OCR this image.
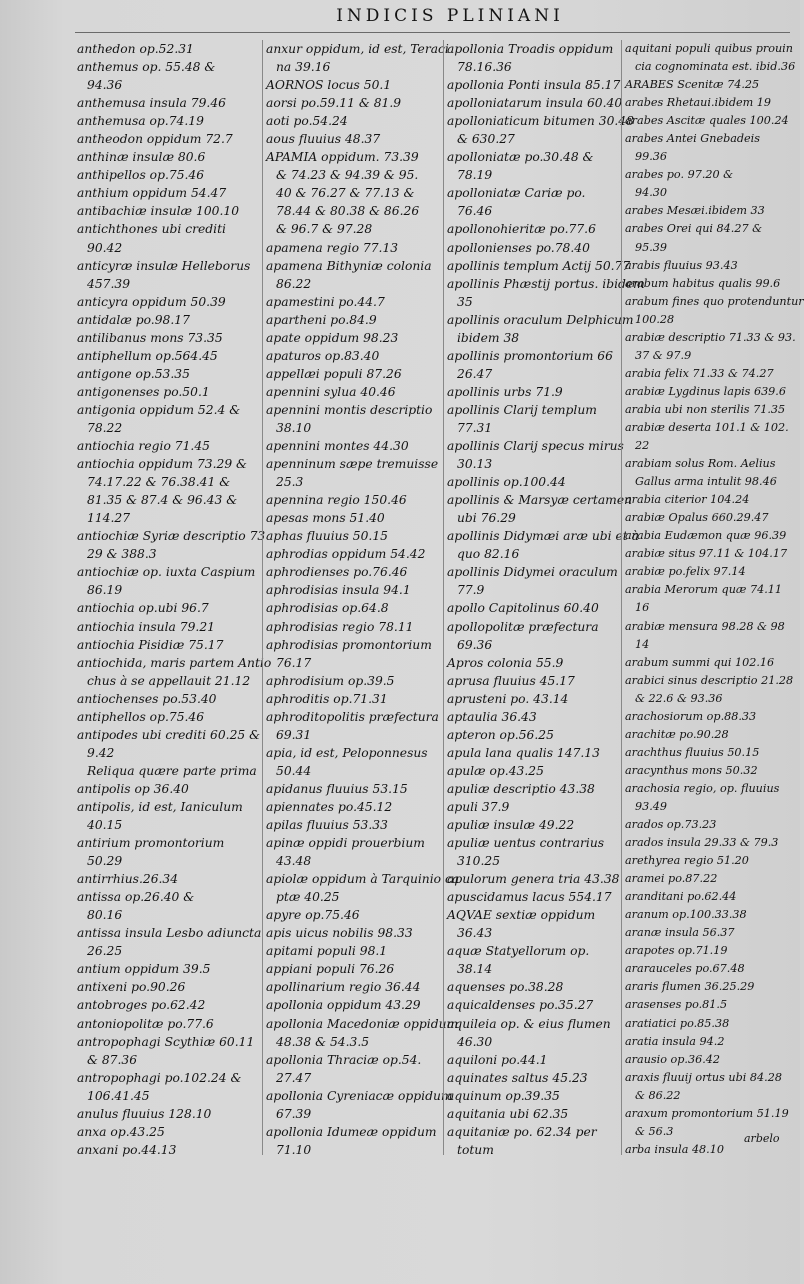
INDICIS PLINIANI
anthedon op.52.31
anthemus op. 55.48 &
94.36
anthemusa insula 79.46
anthemusa op.74.19
antheodon oppidum 72.7
anthinæ insulæ 80.6
anthipellos op.75.46
anthium oppidum 54.47
antibachiæ insulæ 100.10
antichthones ubi crediti
90.42
anticyræ insulæ Helleborus
457.39
anticyra oppidum 50.39
antidalæ po.98.17
antilibanus mons 73.35
antiphellum op.564.45
antigone op.53.35
antigonenses po.50.1
antigonia oppidum 52.4 &
78.22
antiochia regio 71.45
antiochia oppidum 73.29 &
74.17.22 & 76.38.41 &
81.35 & 87.4 & 96.43 &
114.27
antiochiæ Syriæ descriptio 73
29 & 388.3
antiochiæ op. iuxta Caspium
86.19
antiochia op.ubi 96.7
antiochia insula 79.21
antiochia Pisidiæ 75.17
antiochida, maris partem Antio
chus à se appellauit 21.12
antiochenses po.53.40
antiphellos op.75.46
antipodes ubi crediti 60.25 &
9.42
Reliqua quære parte prima
antipolis op 36.40
antipolis, id est, Ianiculum
40.15
antirium promontorium
50.29
antirrhius.26.34
antissa op.26.40 &
80.16
antissa insula Lesbo adiuncta
26.25
antium oppidum 39.5
antixeni po.90.26
antobroges po.62.42
antoniopolitæ po.77.6
antropophagi Scythiæ 60.11
& 87.36
antropophagi po.102.24 &
106.41.45
anulus fluuius 128.10
anxa op.43.25
anxani po.44.13
anxur oppidum, id est, Teraci
na 39.16
AORNOS locus 50.1
aorsi po.59.11 & 81.9
aoti po.54.24
aous fluuius 48.37
APAMIA oppidum. 73.39
& 74.23 & 94.39 & 95.
40 & 76.27 & 77.13 &
78.44 & 80.38 & 86.26
& 96.7 & 97.28
apamena regio 77.13
apamena Bithyniæ colonia
86.22
apamestini po.44.7
apartheni po.84.9
apate oppidum 98.23
apaturos op.83.40
appellæi populi 87.26
apennini sylua 40.46
apennini montis descriptio
38.10
apennini montes 44.30
apenninum sæpe tremuisse
25.3
apennina regio 150.46
apesas mons 51.40
aphas fluuius 50.15
aphrodias oppidum 54.42
aphrodienses po.76.46
aphrodisias insula 94.1
aphrodisias op.64.8
aphrodisias regio 78.11
aphrodisias promontorium
76.17
aphrodisium op.39.5
aphroditis op.71.31
aphroditopolitis præfectura
69.31
apia, id est, Peloponnesus
50.44
apidanus fluuius 53.15
apiennates po.45.12
apilas fluuius 53.33
apinæ oppidi prouerbium
43.48
apiolæ oppidum à Tarquinio ca
ptæ 40.25
apyre op.75.46
apis uicus nobilis 98.33
apitami populi 98.1
appiani populi 76.26
apollinarium regio 36.44
apollonia oppidum 43.29
apollonia Macedoniæ oppidum
48.38 & 54.3.5
apollonia Thraciæ op.54.
27.47
apollonia Cyreniacæ oppidum
67.39
apollonia Idumeæ oppidum
71.10
apollonia Troadis oppidum
78.16.36
apollonia Ponti insula 85.17
apolloniatarum insula 60.40
apolloniaticum bitumen 30.48
& 630.27
apolloniatæ po.30.48 &
78.19
apolloniatæ Cariæ po.
76.46
apollonohieritæ po.77.6
apollonienses po.78.40
apollinis templum Actij 50.77
apollinis Phæstij portus. ibidem
35
apollinis oraculum Delphicum
ibidem 38
apollinis promontorium 66
26.47
apollinis urbs 71.9
apollinis Clarij templum
77.31
apollinis Clarij specus mirus
30.13
apollinis op.100.44
apollinis & Marsyæ certamen
ubi 76.29
apollinis Didymæi aræ ubi et à
quo 82.16
apollinis Didymei oraculum
77.9
apollo Capitolinus 60.40
apollopolitæ præfectura
69.36
Apros colonia 55.9
aprusa fluuius 45.17
aprusteni po. 43.14
aptaulia 36.43
apteron op.56.25
apula lana qualis 147.13
apulæ op.43.25
apuliæ descriptio 43.38
apuli 37.9
apuliæ insulæ 49.22
apuliæ uentus contrarius
310.25
apulorum genera tria 43.38
apuscidamus lacus 554.17
AQVAE sextiæ oppidum
36.43
aquæ Statyellorum op.
38.14
aquenses po.38.28
aquicaldenses po.35.27
aquileia op. & eius flumen
46.30
aquiloni po.44.1
aquinates saltus 45.23
aquinum op.39.35
aquitania ubi 62.35
aquitaniæ po. 62.34 per
totum
aquitani populi quibus prouin
cia cognominata est. ibid.36
ARABES Scenitæ 74.25
arabes Rhetaui.ibidem 19
arabes Ascitæ quales 100.24
arabes Antei Gnebadeis
99.36
arabes po. 97.20 &
94.30
arabes Mesæi.ibidem 33
arabes Orei qui 84.27 &
95.39
arabis fluuius 93.43
arabum habitus qualis 99.6
arabum fines quo protenduntur
100.28
arabiæ descriptio 71.33 & 93.
37 & 97.9
arabia felix 71.33 & 74.27
arabiæ Lygdinus lapis 639.6
arabia ubi non sterilis 71.35
arabiæ deserta 101.1 & 102.
22
arabiam solus Rom. Aelius
Gallus arma intulit 98.46
arabia citerior 104.24
arabiæ Opalus 660.29.47
arabia Eudæmon quæ 96.39
arabiæ situs 97.11 & 104.17
arabiæ po.felix 97.14
arabia Merorum quæ 74.11
16
arabiæ mensura 98.28 & 98
14
arabum summi qui 102.16
arabici sinus descriptio 21.28
& 22.6 & 93.36
arachosiorum op.88.33
arachitæ po.90.28
arachthus fluuius 50.15
aracynthus mons 50.32
arachosia regio, op. fluuius
93.49
arados op.73.23
arados insula 29.33 & 79.3
arethyrea regio 51.20
aramei po.87.22
aranditani po.62.44
aranum op.100.33.38
aranæ insula 56.37
arapotes op.71.19
ararauceles po.67.48
araris flumen 36.25.29
arasenses po.81.5
aratiatici po.85.38
aratia insula 94.2
arausio op.36.42
araxis fluuij ortus ubi 84.28
& 86.22
araxum promontorium 51.19
& 56.3
arba insula 48.10
arbelo
